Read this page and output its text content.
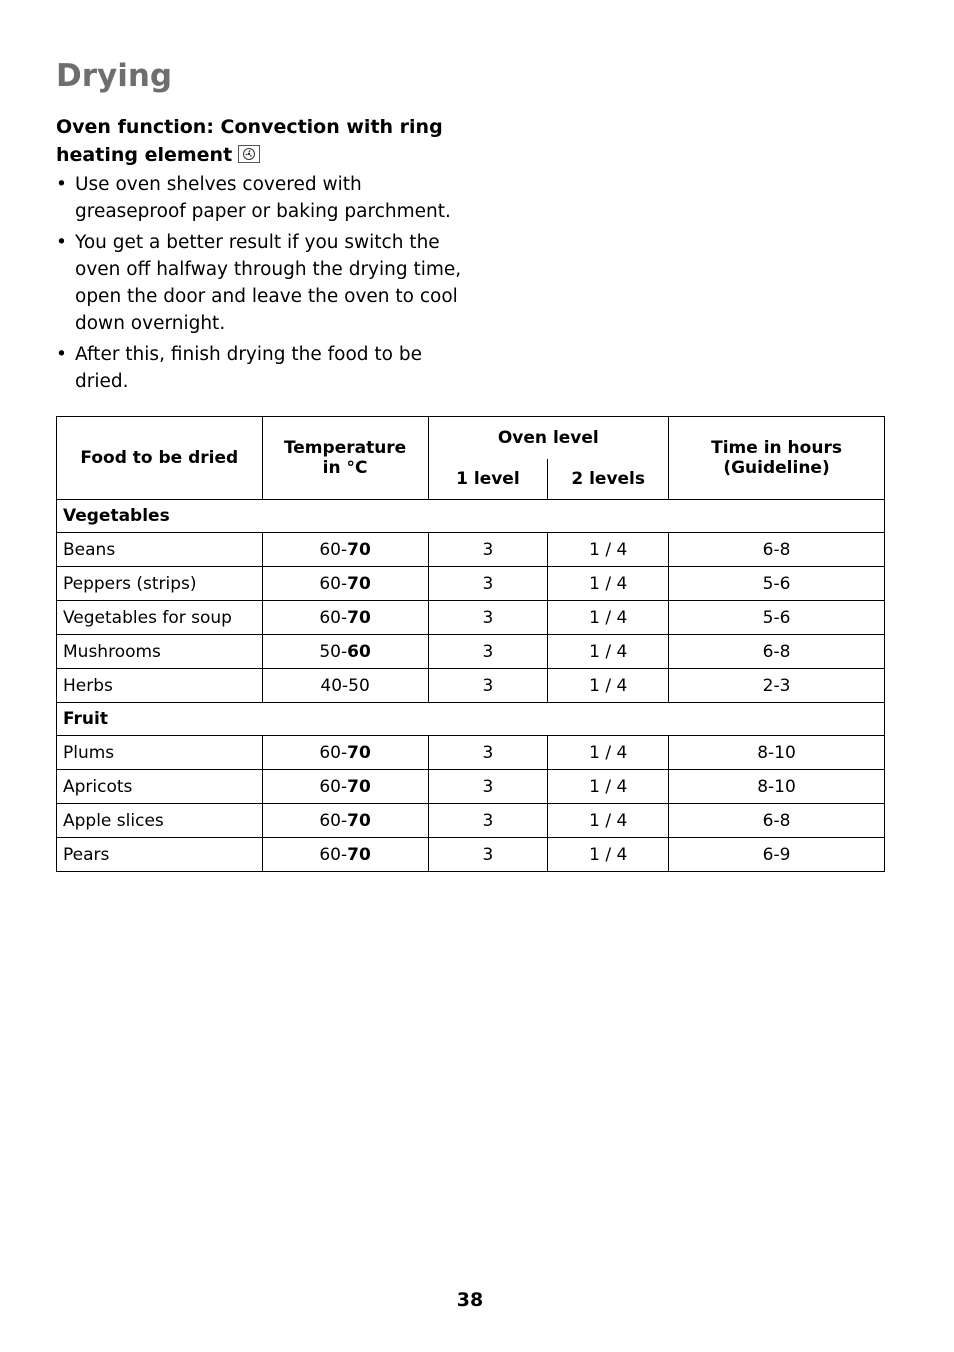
Drying
Oven function: Convection with ring heating element
• Use oven shelves covered with greaseproof paper or baking parchment.
• You get a better result if you switch the oven off halfway through the drying time, open the door and leave the oven to cool down overnight.
• After this, finish drying the food to be dried.
Food to be dried	Temperature in °C	Oven level		Time in hours (Guideline)
		1 level	2 levels	
Vegetables				
Beans	60-70	3	1 / 4	6-8
Peppers (strips)	60-70	3	1 / 4	5-6
Vegetables for soup	60-70	3	1 / 4	5-6
Mushrooms	50-60	3	1 / 4	6-8
Herbs	40-50	3	1 / 4	2-3
Fruit				
Plums	60-70	3	1 / 4	8-10
Apricots	60-70	3	1 / 4	8-10
Apple slices	60-70	3	1 / 4	6-8
Pears	60-70	3	1 / 4	6-9
38
